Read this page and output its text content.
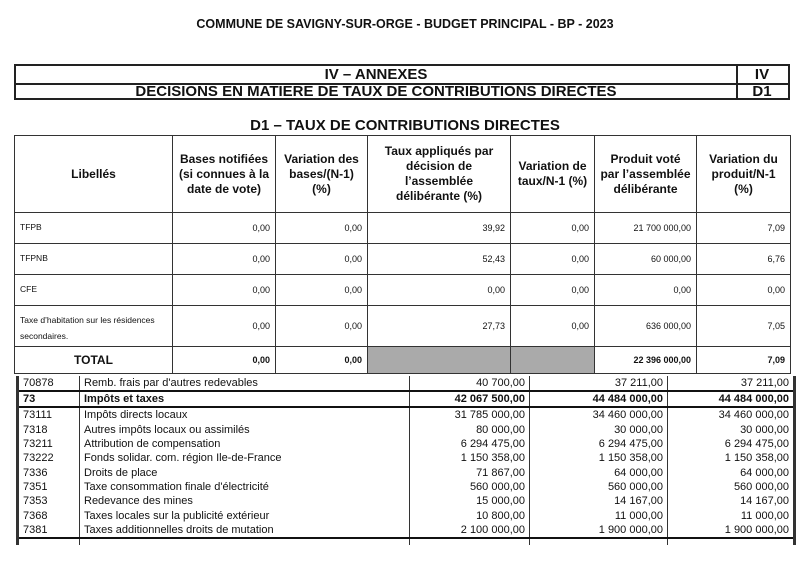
COMMUNE DE SAVIGNY-SUR-ORGE - BUDGET PRINCIPAL - BP - 2023
IV – ANNEXES	IV
DECISIONS EN MATIERE DE TAUX DE CONTRIBUTIONS DIRECTES	D1
D1 – TAUX DE CONTRIBUTIONS DIRECTES
Libellés	Bases notifiées (si connues à la date de vote)	Variation des bases/(N-1) (%)	Taux appliqués par décision de l’assemblée délibérante (%)	Variation de taux/N-1 (%)	Produit voté par l’assemblée délibérante	Variation du produit/N-1 (%)
TFPB	0,00	0,00	39,92	0,00	21 700 000,00	7,09
TFPNB	0,00	0,00	52,43	0,00	60 000,00	6,76
CFE	0,00	0,00	0,00	0,00	0,00	0,00
Taxe d’habitation sur les résidences secondaires.	0,00	0,00	27,73	0,00	636 000,00	7,05
TOTAL	0,00	0,00			22 396 000,00	7,09
70878	Remb. frais par d'autres redevables	40 700,00	37 211,00	37 211,00
73	Impôts et taxes	42 067 500,00	44 484 000,00	44 484 000,00
73111	Impôts directs locaux	31 785 000,00	34 460 000,00	34 460 000,00
7318	Autres impôts locaux ou assimilés	80 000,00	30 000,00	30 000,00
73211	Attribution de compensation	6 294 475,00	6 294 475,00	6 294 475,00
73222	Fonds solidar. com. région Ile-de-France	1 150 358,00	1 150 358,00	1 150 358,00
7336	Droits de place	71 867,00	64 000,00	64 000,00
7351	Taxe consommation finale d'électricité	560 000,00	560 000,00	560 000,00
7353	Redevance des mines	15 000,00	14 167,00	14 167,00
7368	Taxes locales sur la publicité extérieur	10 800,00	11 000,00	11 000,00
7381	Taxes additionnelles droits de mutation	2 100 000,00	1 900 000,00	1 900 000,00
